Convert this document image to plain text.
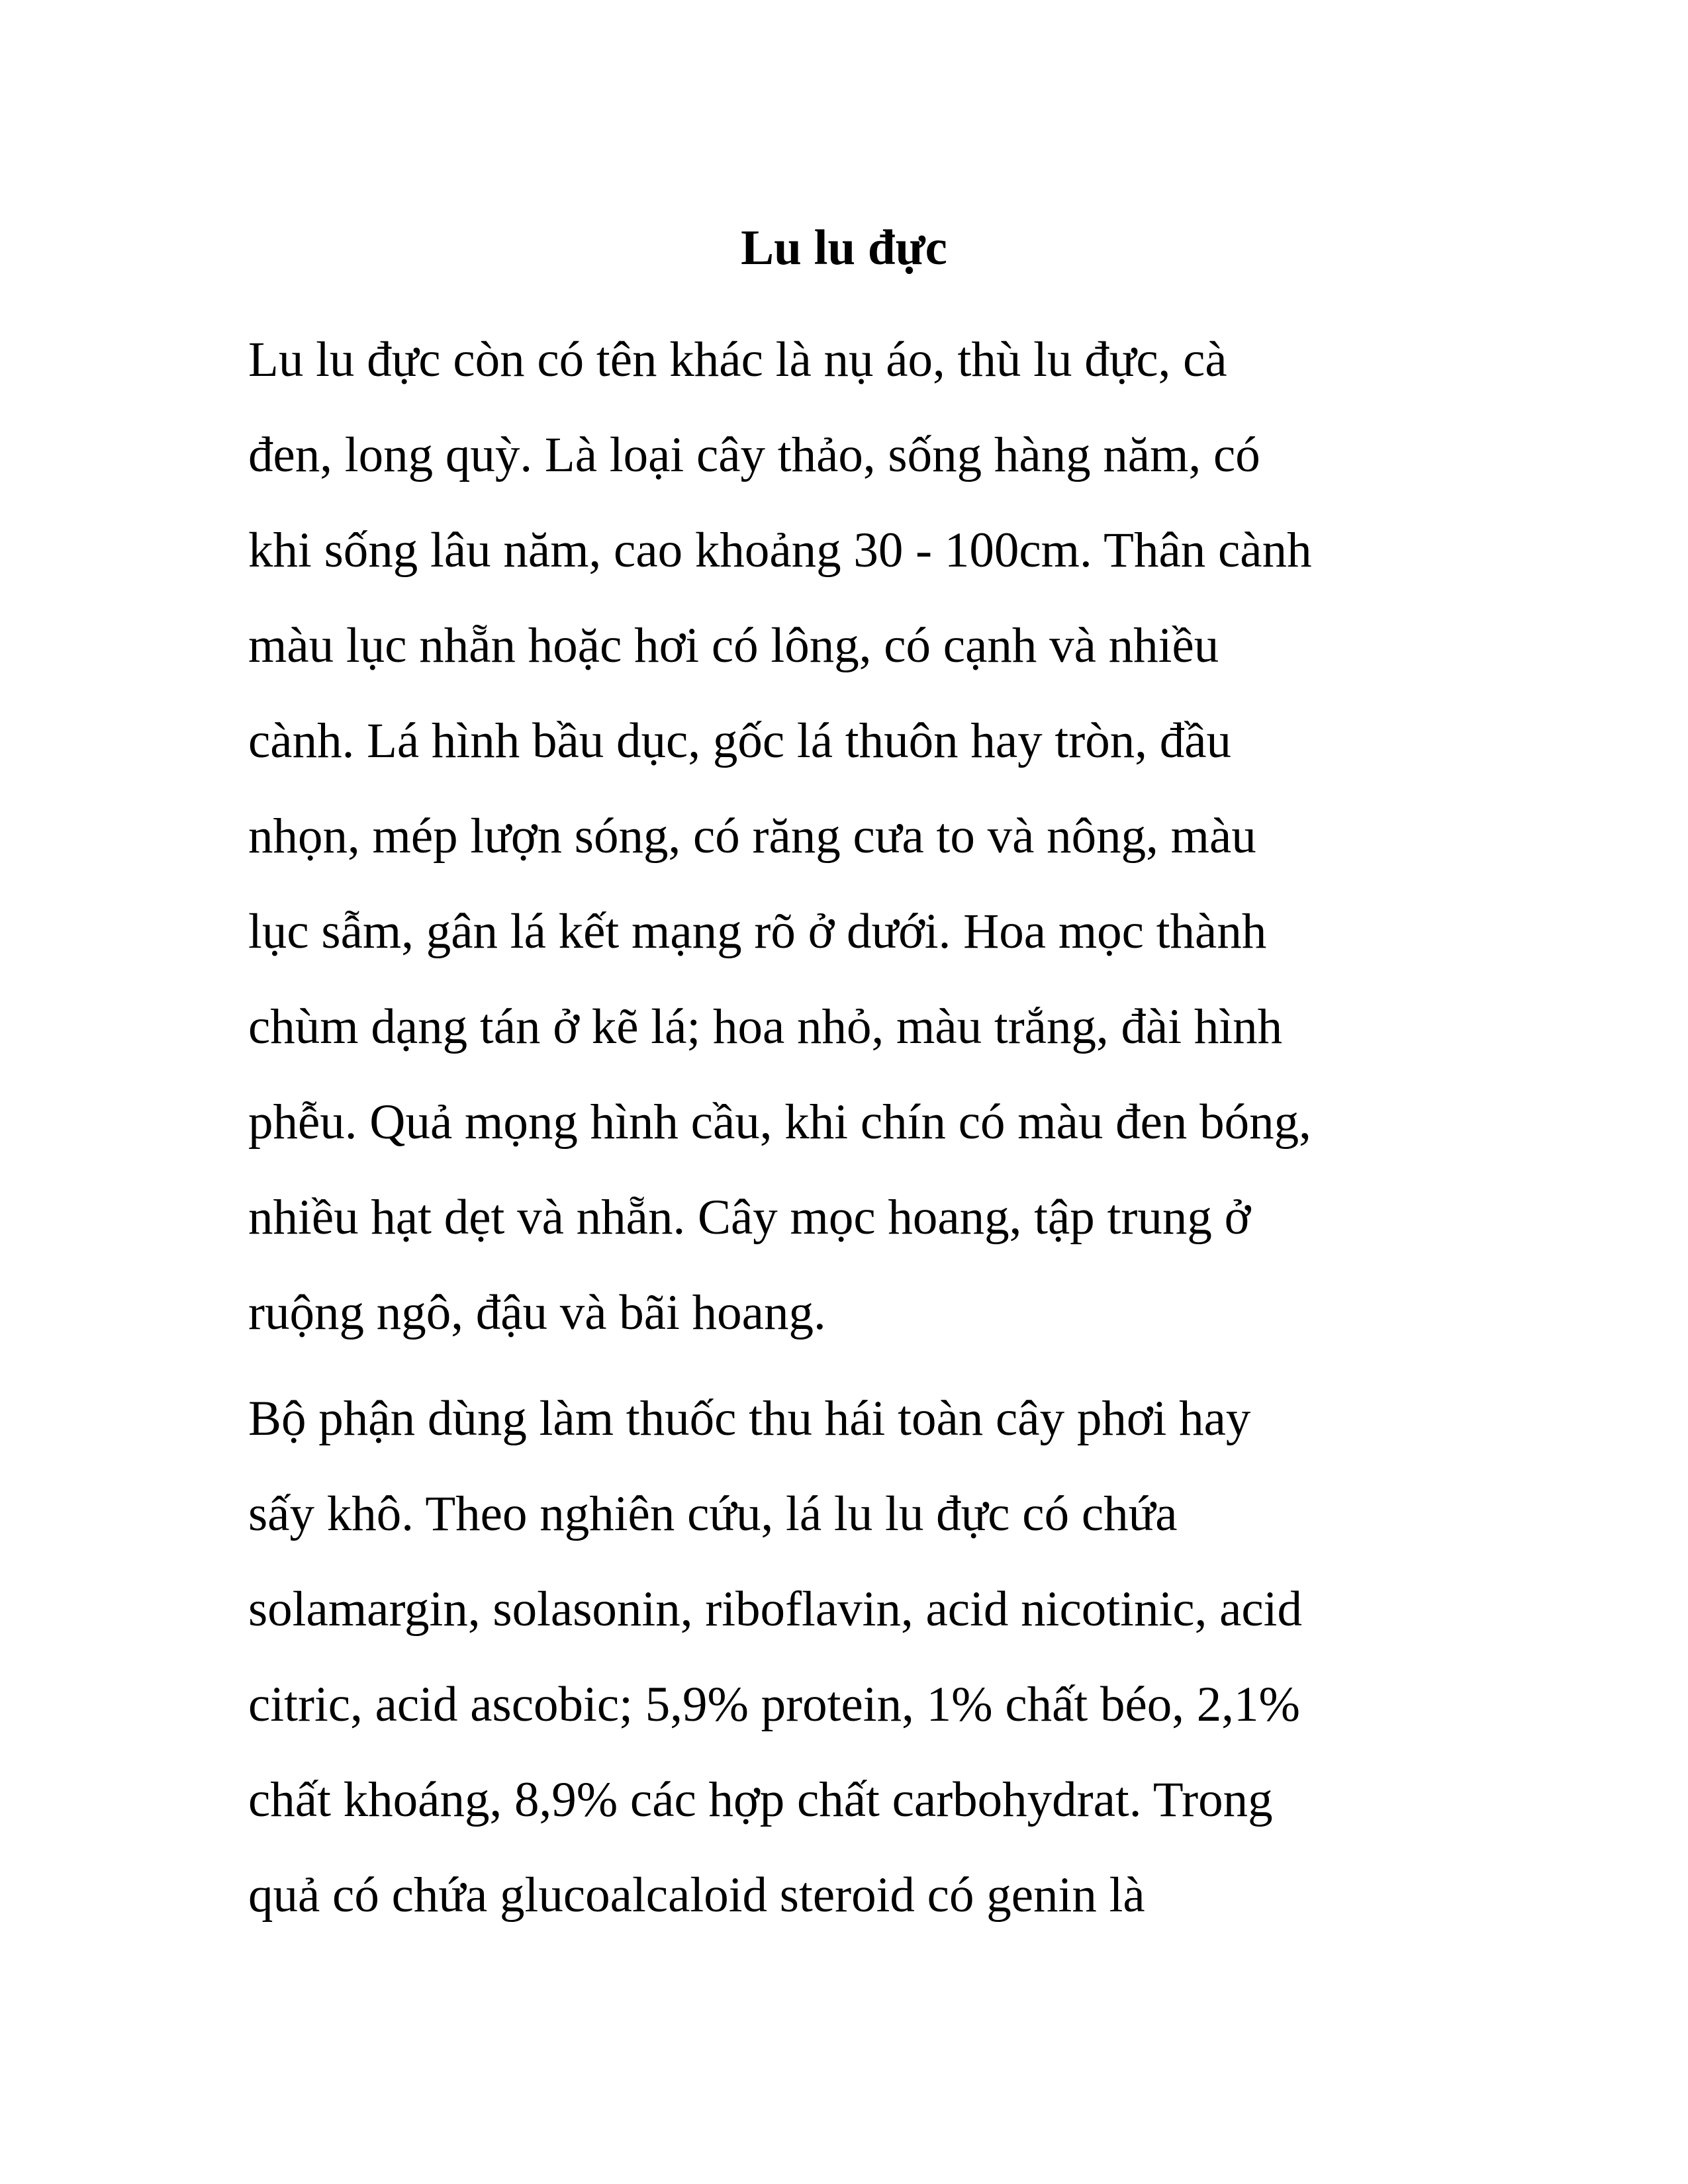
Lu lu đực

Lu lu đực còn có tên khác là nụ áo, thù lu đực, cà
đen, long quỳ. Là loại cây thảo, sống hàng năm, có
khi sống lâu năm, cao khoảng 30 - 100cm. Thân cành
màu lục nhẵn hoặc hơi có lông, có cạnh và nhiều
cành. Lá hình bầu dục, gốc lá thuôn hay tròn, đầu
nhọn, mép lượn sóng, có răng cưa to và nông, màu
lục sẫm, gân lá kết mạng rõ ở dưới. Hoa mọc thành
chùm dạng tán ở kẽ lá; hoa nhỏ, màu trắng, đài hình
phễu. Quả mọng hình cầu, khi chín có màu đen bóng,
nhiều hạt dẹt và nhẵn. Cây mọc hoang, tập trung ở
ruộng ngô, đậu và bãi hoang.

Bộ phận dùng làm thuốc thu hái toàn cây phơi hay
sấy khô. Theo nghiên cứu, lá lu lu đực có chứa
solamargin, solasonin, riboflavin, acid nicotinic, acid
citric, acid ascobic; 5,9% protein, 1% chất béo, 2,1%
chất khoáng, 8,9% các hợp chất carbohydrat. Trong
quả có chứa glucoalcaloid steroid có genin là
